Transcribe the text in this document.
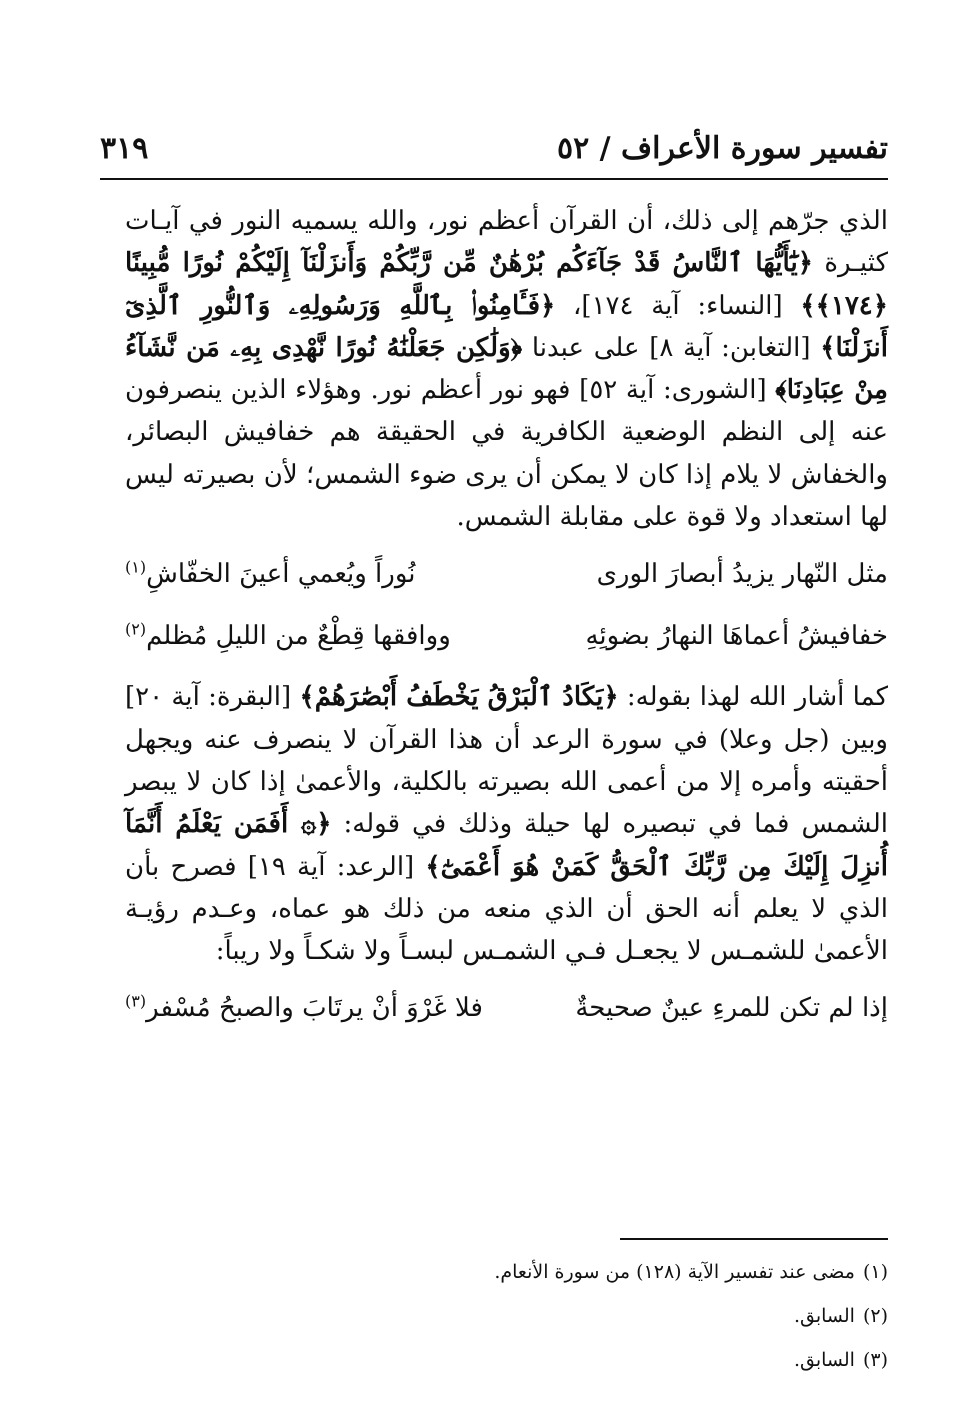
تفسير سورة الأعراف / ٥٢
٣١٩

الذي جرّهم إلى ذلك، أن القرآن أعظم نور، والله يسميه النور في آيـات كثيـرة ﴿يَٰٓأَيُّهَا ٱلنَّاسُ قَدْ جَآءَكُم بُرْهَٰنٌ مِّن رَّبِّكُمْ وَأَنزَلْنَآ إِلَيْكُمْ نُورًا مُّبِينًا ﴿١٧٤﴾﴾ [النساء: آية ١٧٤]، ﴿فَـَٔامِنُوا۟ بِٱللَّهِ وَرَسُولِهِۦ وَٱلنُّورِ ٱلَّذِىٓ أَنزَلْنَا﴾ [التغابن: آية ٨] على عبدنا ﴿وَلَٰكِن جَعَلْنَٰهُ نُورًا نَّهْدِى بِهِۦ مَن نَّشَآءُ مِنْ عِبَادِنَا﴾ [الشورى: آية ٥٢] فهو نور أعظم نور. وهؤلاء الذين ينصرفون عنه إلى النظم الوضعية الكافرية في الحقيقة هم خفافيش البصائر، والخفاش لا يلام إذا كان لا يمكن أن يرى ضوء الشمس؛ لأن بصيرته ليس لها استعداد ولا قوة على مقابلة الشمس.

مثل النّهار يزيدُ أبصارَ الورى
نُوراً ويُعمي أعينَ الخفّاشِ$^{(١)}$
خفافيشُ أعماهَا النهارُ بضوئِهِ
ووافقها قِطْعٌ من الليلِ مُظلم$^{(٢)}$

كما أشار الله لهذا بقوله: ﴿يَكَادُ ٱلْبَرْقُ يَخْطَفُ أَبْصَٰرَهُمْ﴾ [البقرة: آية ٢٠] وبين (جل وعلا) في سورة الرعد أن هذا القرآن لا ينصرف عنه ويجهل أحقيته وأمره إلا من أعمى الله بصيرته بالكلية، والأعمىٰ إذا كان لا يبصر الشمس فما في تبصيره لها حيلة وذلك في قوله: ﴿۞ أَفَمَن يَعْلَمُ أَنَّمَآ أُنزِلَ إِلَيْكَ مِن رَّبِّكَ ٱلْحَقُّ كَمَنْ هُوَ أَعْمَىٰٓ﴾ [الرعد: آية ١٩] فصرح بأن الذي لا يعلم أنه الحق أن الذي منعه من ذلك هو عماه، وعـدم رؤيـة الأعمىٰ للشمـس لا يجعـل فـي الشمـس لبسـاً ولا شكـاً ولا ريباً:

إذا لم تكن للمرءِ عينٌ صحيحةٌ
فلا غَرْوَ أنْ يرتَابَ والصبحُ مُسْفر$^{(٣)}$
(١)مضى عند تفسير الآية (١٢٨) من سورة الأنعام.
(٢)السابق.
(٣)السابق.
